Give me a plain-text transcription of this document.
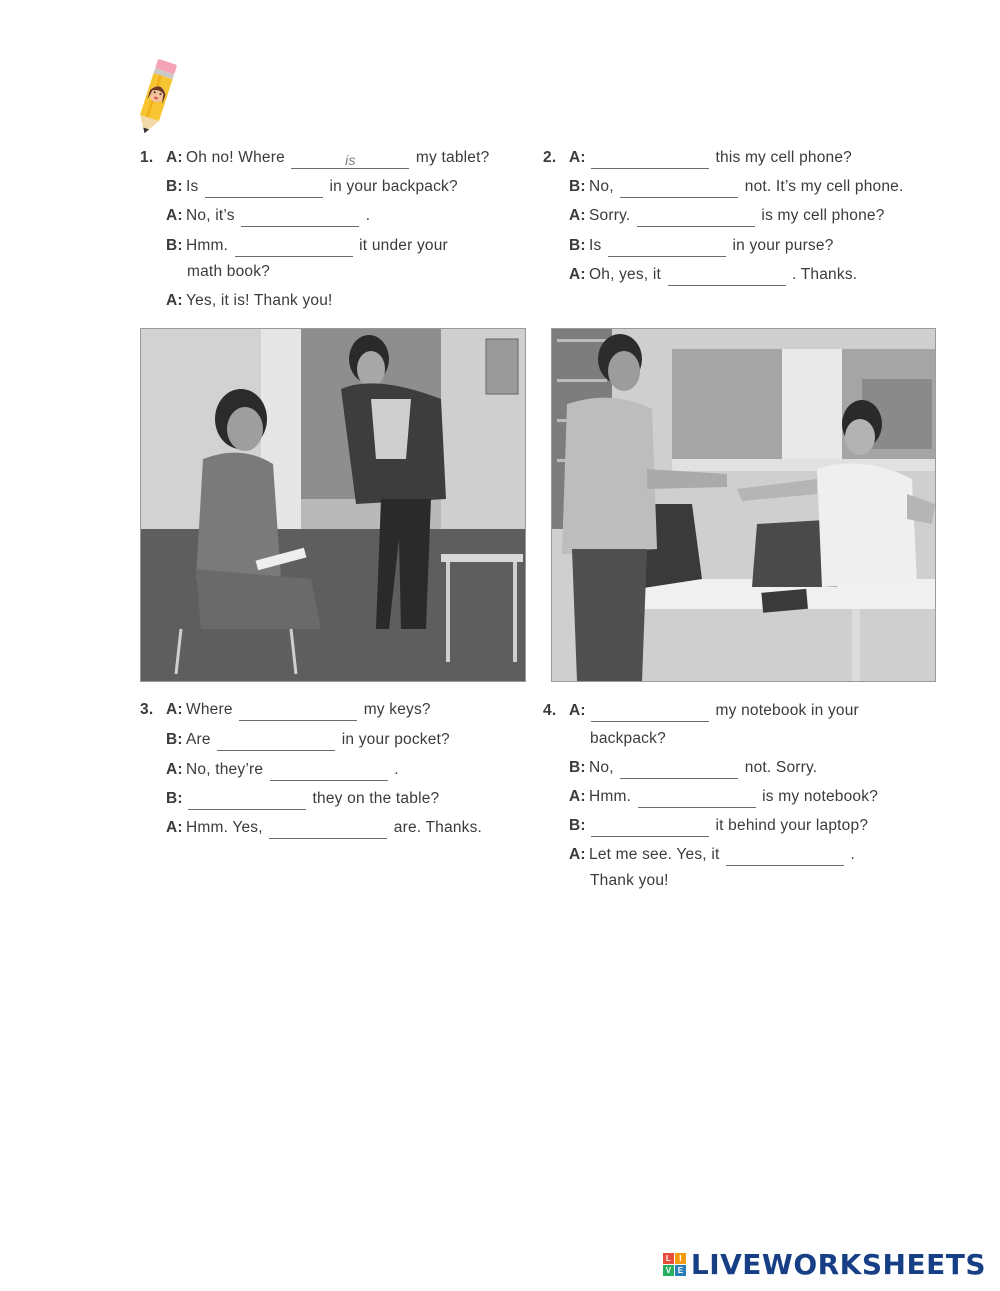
1. A: Oh no! Where	is	my tablet?
B: Is	in your backpack?
A: No, it’s	.
B: Hmm.	it under your
math book?
A: Yes, it is! Thank you!
2. A:	this my cell phone?
B: No,	not. It’s my cell phone.
A: Sorry.	is my cell phone?
B: Is	in your purse?
A: Oh, yes, it	. Thanks.
3. A: Where	my keys?
B: Are	in your pocket?
A: No, they’re	.
B:	they on the table?
A: Hmm. Yes,	are. Thanks.
4. A:	my notebook in your
backpack?
B: No,	not. Sorry.
A: Hmm.	is my notebook?
B:	it behind your laptop?
A: Let me see. Yes, it	.
Thank you!
L	I
V E LIVEWORKSHEETS
